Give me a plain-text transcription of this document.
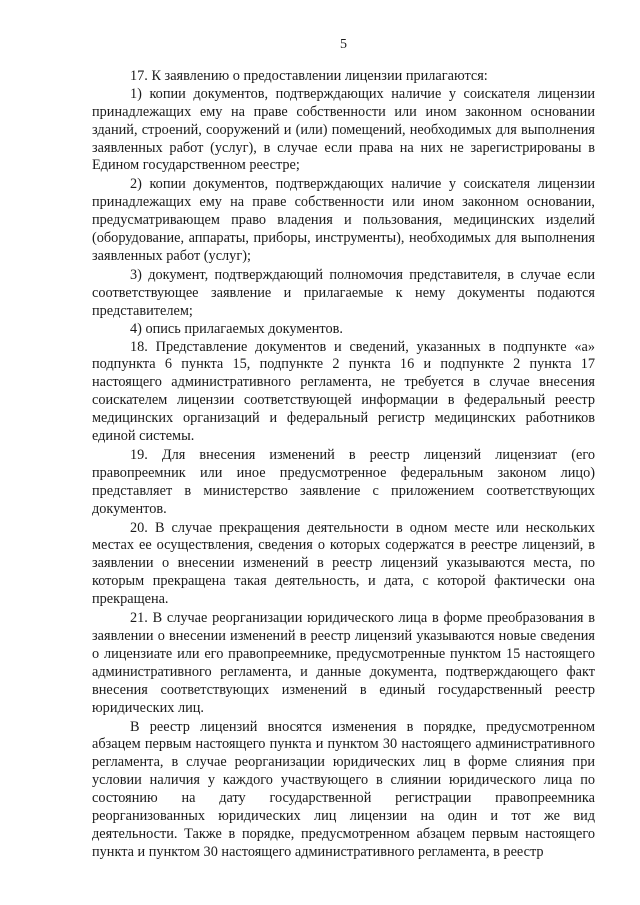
5

17. К заявлению о предоставлении лицензии прилагаются:

1) копии документов, подтверждающих наличие у соискателя лицензии принадлежащих ему на праве собственности или ином законном основании зданий, строений, сооружений и (или) помещений, необходимых для выполнения заявленных работ (услуг), в случае если права на них не зарегистрированы в Едином государственном реестре;

2) копии документов, подтверждающих наличие у соискателя лицензии принадлежащих ему на праве собственности или ином законном основании, предусматривающем право владения и пользования, медицинских изделий (оборудование, аппараты, приборы, инструменты), необходимых для выполнения заявленных работ (услуг);

3) документ, подтверждающий полномочия представителя, в случае если соответствующее заявление и прилагаемые к нему документы подаются представителем;

4) опись прилагаемых документов.

18. Представление документов и сведений, указанных в подпункте «а» подпункта 6 пункта 15, подпункте 2 пункта 16 и подпункте 2 пункта 17 настоящего административного регламента, не требуется в случае внесения соискателем лицензии соответствующей информации в федеральный реестр медицинских организаций и федеральный регистр медицинских работников единой системы.

19. Для внесения изменений в реестр лицензий лицензиат (его правопреемник или иное предусмотренное федеральным законом лицо) представляет в министерство заявление с приложением соответствующих документов.

20. В случае прекращения деятельности в одном месте или нескольких местах ее осуществления, сведения о которых содержатся в реестре лицензий, в заявлении о внесении изменений в реестр лицензий указываются места, по которым прекращена такая деятельность, и дата, с которой фактически она прекращена.

21. В случае реорганизации юридического лица в форме преобразования в заявлении о внесении изменений в реестр лицензий указываются новые сведения о лицензиате или его правопреемнике, предусмотренные пунктом 15 настоящего административного регламента, и данные документа, подтверждающего факт внесения соответствующих изменений в единый государственный реестр юридических лиц.

В реестр лицензий вносятся изменения в порядке, предусмотренном абзацем первым настоящего пункта и пунктом 30 настоящего административного регламента, в случае реорганизации юридических лиц в форме слияния при условии наличия у каждого участвующего в слиянии юридического лица по состоянию на дату государственной регистрации правопреемника реорганизованных юридических лиц лицензии на один и тот же вид деятельности. Также в порядке, предусмотренном абзацем первым настоящего пункта и пунктом 30 настоящего административного регламента, в реестр
